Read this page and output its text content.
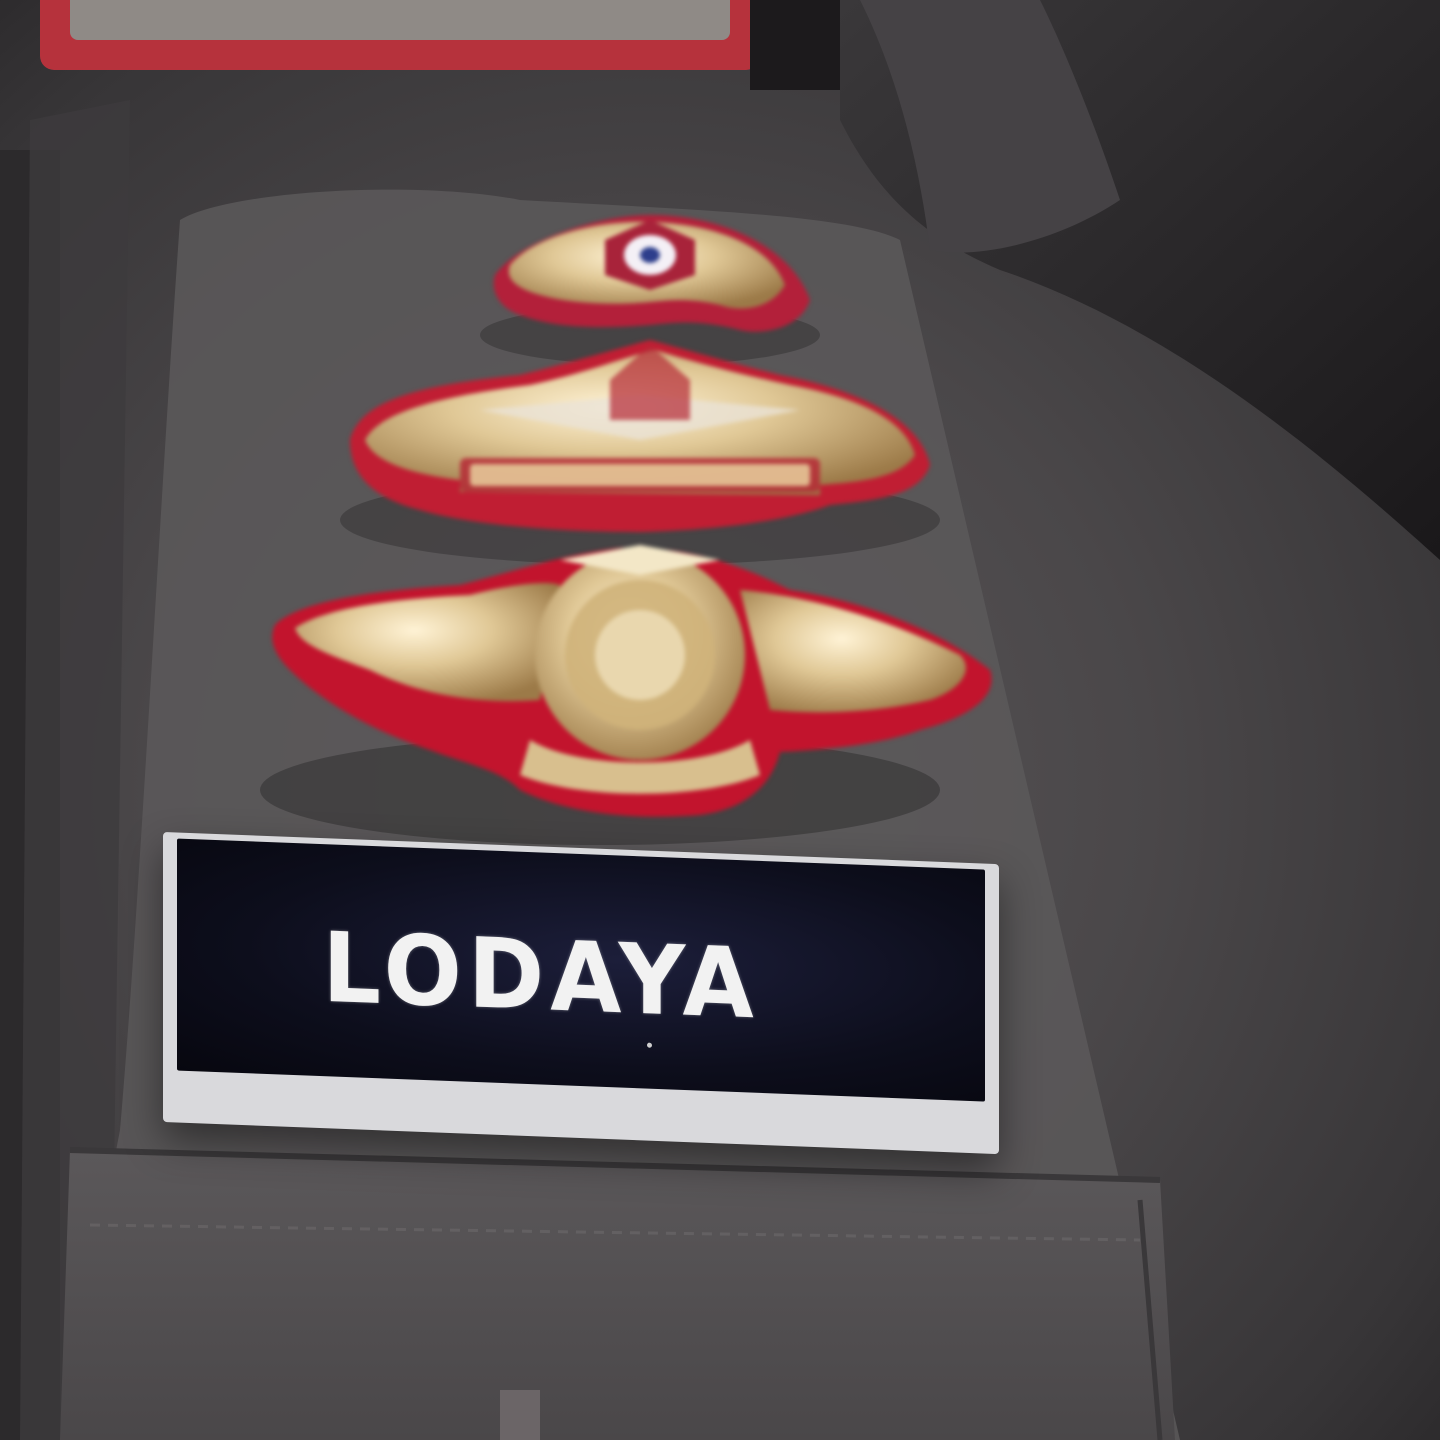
LODAYA
